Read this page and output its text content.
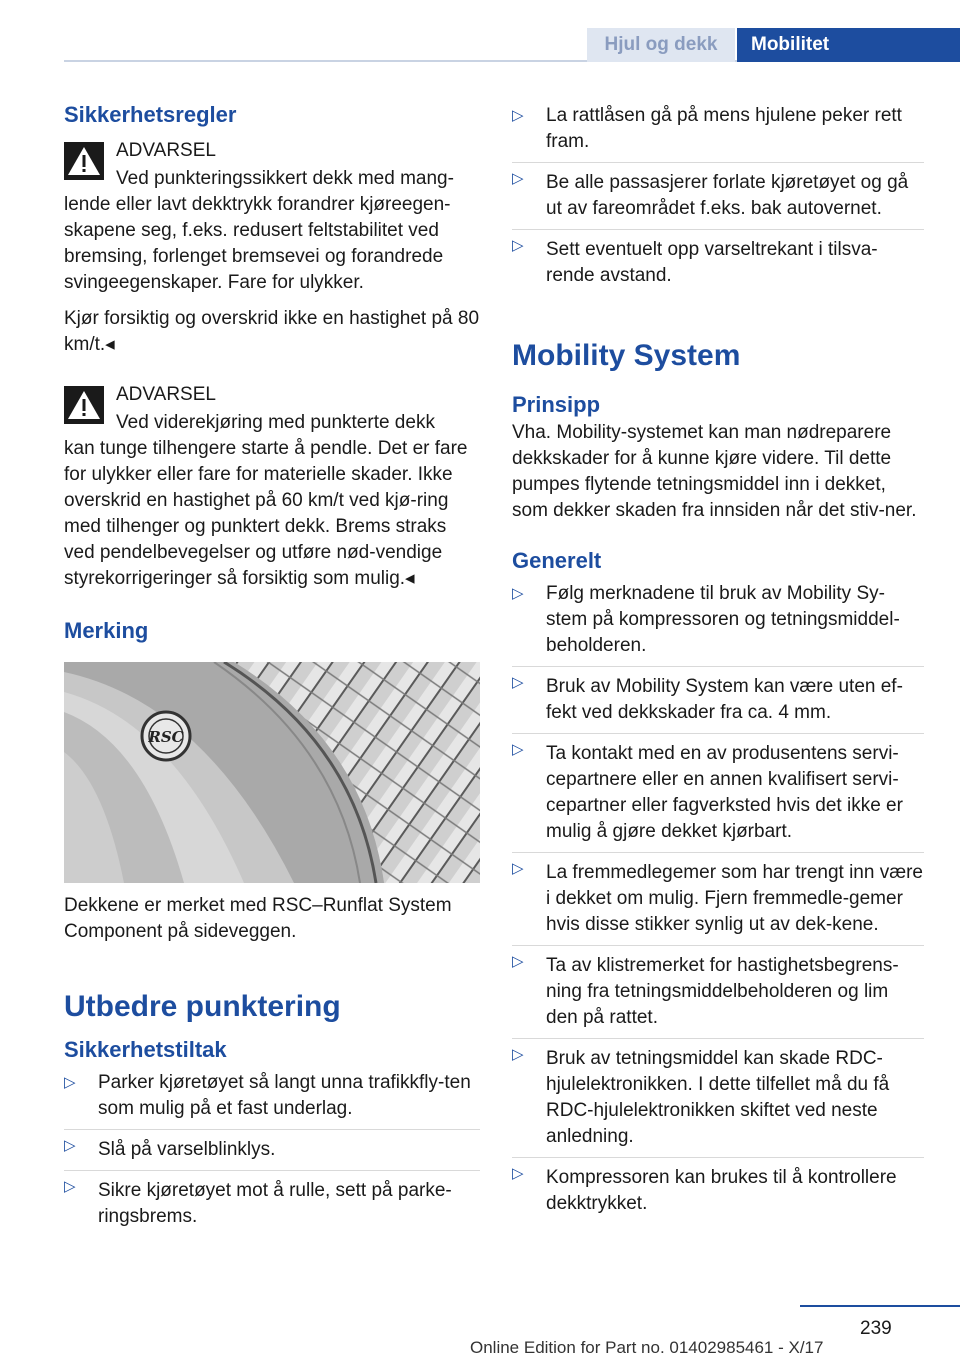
Hjul og dekk	Mobilitet
Sikkerhetsregler

ADVARSEL

Ved punkteringssikkert dekk med mang-

lende eller lavt dekktrykk forandrer kjøreegen-skapene seg, f.eks. redusert feltstabilitet ved bremsing, forlenget bremsevei og forandrede svingeegenskaper. Fare for ulykker.

Kjør forsiktig og overskrid ikke en hastighet på 80 km/t.◂

ADVARSEL

Ved viderekjøring med punkterte dekk

kan tunge tilhengere starte å pendle. Det er fare for ulykker eller fare for materielle skader. Ikke overskrid en hastighet på 60 km/t ved kjø-ring med tilhenger og punktert dekk. Brems straks ved pendelbevegelser og utføre nød-vendige styrekorrigeringer så forsiktig som mulig.◂

Merking
RSC

Dekkene er merket med RSC–Runflat System Component på sideveggen.

Utbedre punktering
Sikkerhetstiltak
▷ Parker kjøretøyet så langt unna trafikkfly-ten som mulig på et fast underlag.
▷ Slå på varselblinklys.
▷ Sikre kjøretøyet mot å rulle, sett på parke-ringsbrems.
▷ La rattlåsen gå på mens hjulene peker rett fram.
▷ Be alle passasjerer forlate kjøretøyet og gå ut av fareområdet f.eks. bak autovernet.
▷ Sett eventuelt opp varseltrekant i tilsva-rende avstand.
Mobility System
Prinsipp

Vha. Mobility-systemet kan man nødreparere dekkskader for å kunne kjøre videre. Til dette pumpes flytende tetningsmiddel inn i dekket, som dekker skaden fra innsiden når det stiv-ner.

Generelt
▷ Følg merknadene til bruk av Mobility Sy-stem på kompressoren og tetningsmiddel-beholderen.
▷ Bruk av Mobility System kan være uten ef-fekt ved dekkskader fra ca. 4 mm.
▷ Ta kontakt med en av produsentens servi-cepartnere eller en annen kvalifisert servi-cepartner eller fagverksted hvis det ikke er mulig å gjøre dekket kjørbart.
▷ La fremmedlegemer som har trengt inn være i dekket om mulig. Fjern fremmedle-gemer hvis disse stikker synlig ut av dek-kene.
▷ Ta av klistremerket for hastighetsbegrens-ning fra tetningsmiddelbeholderen og lim den på rattet.
▷ Bruk av tetningsmiddel kan skade RDC-hjulelektronikken. I dette tilfellet må du få RDC-hjulelektronikken skiftet ved neste anledning.
▷ Kompressoren kan brukes til å kontrollere dekktrykket.
239
Online Edition for Part no. 01402985461 - X/17
